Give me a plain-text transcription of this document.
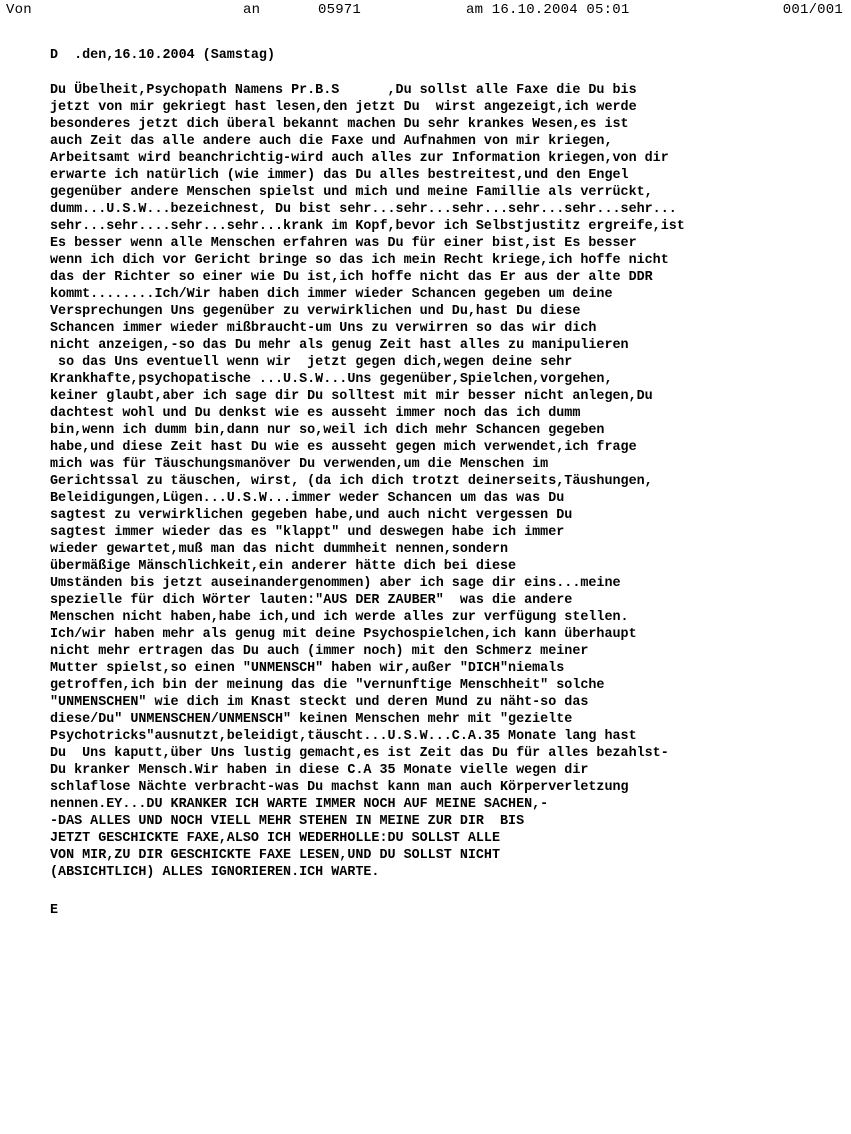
Von	an	05971	am 16.10.2004 05:01	001/001
D  .den,16.10.2004 (Samstag)
Du Übelheit,Psychopath Namens Pr.B.S      ,Du sollst alle Faxe die Du bis
jetzt von mir gekriegt hast lesen,den jetzt Du  wirst angezeigt,ich werde
besonderes jetzt dich überal bekannt machen Du sehr krankes Wesen,es ist
auch Zeit das alle andere auch die Faxe und Aufnahmen von mir kriegen,
Arbeitsamt wird beanchrichtig-wird auch alles zur Information kriegen,von dir
erwarte ich natürlich (wie immer) das Du alles bestreitest,und den Engel
gegenüber andere Menschen spielst und mich und meine Famillie als verrückt,
dumm...U.S.W...bezeichnest, Du bist sehr...sehr...sehr...sehr...sehr...sehr...
sehr...sehr....sehr...sehr...krank im Kopf,bevor ich Selbstjustitz ergreife,ist
Es besser wenn alle Menschen erfahren was Du für einer bist,ist Es besser
wenn ich dich vor Gericht bringe so das ich mein Recht kriege,ich hoffe nicht
das der Richter so einer wie Du ist,ich hoffe nicht das Er aus der alte DDR
kommt........Ich/Wir haben dich immer wieder Schancen gegeben um deine
Versprechungen Uns gegenüber zu verwirklichen und Du,hast Du diese
Schancen immer wieder mißbraucht-um Uns zu verwirren so das wir dich
nicht anzeigen,-so das Du mehr als genug Zeit hast alles zu manipulieren
so das Uns eventuell wenn wir  jetzt gegen dich,wegen deine sehr
Krankhafte,psychopatische ...U.S.W...Uns gegenüber,Spielchen,vorgehen,
keiner glaubt,aber ich sage dir Du solltest mit mir besser nicht anlegen,Du
dachtest wohl und Du denkst wie es ausseht immer noch das ich dumm
bin,wenn ich dumm bin,dann nur so,weil ich dich mehr Schancen gegeben
habe,und diese Zeit hast Du wie es ausseht gegen mich verwendet,ich frage
mich was für Täuschungsmanöver Du verwenden,um die Menschen im
Gerichtssal zu täuschen, wirst, (da ich dich trotzt deinerseits,Täushungen,
Beleidigungen,Lügen...U.S.W...immer weder Schancen um das was Du
sagtest zu verwirklichen gegeben habe,und auch nicht vergessen Du
sagtest immer wieder das es "klappt" und deswegen habe ich immer
wieder gewartet,muß man das nicht dummheit nennen,sondern
übermäßige Mänschlichkeit,ein anderer hätte dich bei diese
Umständen bis jetzt auseinandergenommen) aber ich sage dir eins...meine
spezielle für dich Wörter lauten:"AUS DER ZAUBER"  was die andere
Menschen nicht haben,habe ich,und ich werde alles zur verfügung stellen.
Ich/wir haben mehr als genug mit deine Psychospielchen,ich kann überhaupt
nicht mehr ertragen das Du auch (immer noch) mit den Schmerz meiner
Mutter spielst,so einen "UNMENSCH" haben wir,außer "DICH"niemals
getroffen,ich bin der meinung das die "vernunftige Menschheit" solche
"UNMENSCHEN" wie dich im Knast steckt und deren Mund zu näht-so das
diese/Du" UNMENSCHEN/UNMENSCH" keinen Menschen mehr mit "gezielte
Psychotricks"ausnutzt,beleidigt,täuscht...U.S.W...C.A.35 Monate lang hast
Du  Uns kaputt,über Uns lustig gemacht,es ist Zeit das Du für alles bezahlst-
Du kranker Mensch.Wir haben in diese C.A 35 Monate vielle wegen dir
schlaflose Nächte verbracht-was Du machst kann man auch Körperverletzung
nennen.EY...DU KRANKER ICH WARTE IMMER NOCH AUF MEINE SACHEN,-
-DAS ALLES UND NOCH VIELL MEHR STEHEN IN MEINE ZUR DIR  BIS
JETZT GESCHICKTE FAXE,ALSO ICH WEDERHOLLE:DU SOLLST ALLE
VON MIR,ZU DIR GESCHICKTE FAXE LESEN,UND DU SOLLST NICHT
(ABSICHTLICH) ALLES IGNORIEREN.ICH WARTE.
E
